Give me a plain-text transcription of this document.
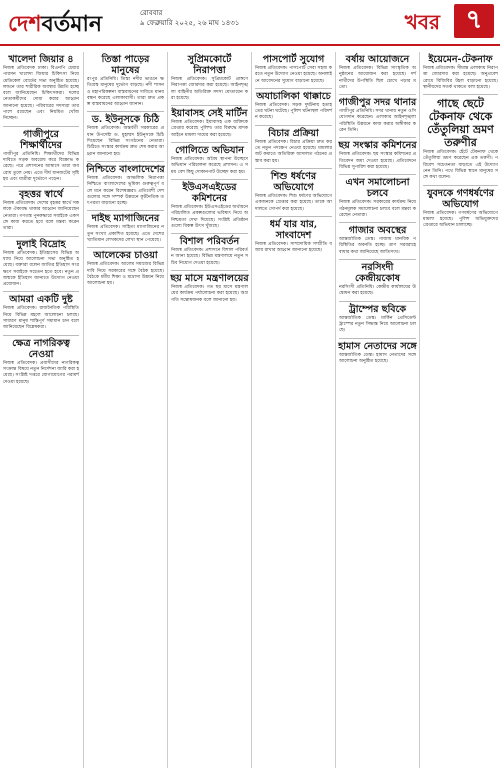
দেশ বর্তমান	রোববার
৯ ফেব্রুয়ারি ২০২৫, ২৬ মাঘ ১৪৩১	খবর ৭
খালেদা জিয়ার ৪
নিজস্ব প্রতিবেদক ঢাকা। বিএনপি চেয়ারপারসন খালেদা জিয়ার চিকিৎসা নিয়ে মেডিকেল বোর্ডের সভা অনুষ্ঠিত হয়েছে। লন্ডনে তার শারীরিক অবস্থার উন্নতি হচ্ছে বলে জানিয়েছেন চিকিৎসকরা। দলের নেতাকর্মীদের দোয়া করার আহ্বান জানানো হয়েছে। পরিবারের সদস্যরা তার পাশে রয়েছেন এবং নিয়মিত খোঁজ নিচ্ছেন।
গাজীপুরে শিক্ষার্থীদের
গাজীপুর প্রতিনিধি। শিক্ষার্থীদের বিভিন্ন দাবিতে সড়ক অবরোধ করে বিক্ষোভ করেছে। পরে প্রশাসনের আশ্বাসে তারা অবরোধ তুলে নেয়। এতে দীর্ঘ যানজটের সৃষ্টি হয় এবং যাত্রীরা দুর্ভোগে পড়েন।
বৃহত্তর স্বার্থে
নিজস্ব প্রতিবেদক। দেশের বৃহত্তর স্বার্থে সকলকে ঐক্যবদ্ধ থাকার আহ্বান জানিয়েছেন নেতারা। গণতন্ত্র পুনরুদ্ধারে সবাইকে একসঙ্গে কাজ করতে হবে বলে মন্তব্য করেন তারা।
দুলাই বিদ্রোহ
নিজস্ব প্রতিবেদক। ইতিহাসের বিভিন্ন অধ্যায় নিয়ে আলোচনা সভা অনুষ্ঠিত হয়েছে। বক্তারা বলেন জাতির ইতিহাস সংরক্ষণে সবাইকে সচেতন হতে হবে। নতুন প্রজন্মকে ইতিহাস জানাতে উদ্যোগ নেওয়া প্রয়োজন।
আমরা একটি দুষ্ট
নিজস্ব প্রতিবেদক। রাজনৈতিক পরিস্থিতি নিয়ে বিভিন্ন মহলে আলোচনা চলছে। সাধারণ মানুষ শান্তিপূর্ণ সমাধান চান বলে জানিয়েছেন বিশ্লেষকরা।
ক্ষেত্র নাগরিকত্ব নেওয়া
নিজস্ব প্রতিবেদক। প্রবাসীদের নাগরিকত্ব সংক্রান্ত বিষয়ে নতুন নির্দেশনা জারি করা হয়েছে। সংশ্লিষ্ট দপ্তরে যোগাযোগের পরামর্শ দেওয়া হয়েছে।
তিস্তা পাড়ের মানুষের
রংপুর প্রতিনিধি। তিস্তা নদীর ভাঙনে ক্ষতিগ্রস্ত মানুষের দুর্ভোগ বাড়ছে। নদী শাসন ও মহাপরিকল্পনা বাস্তবায়নের দাবিতে মানববন্ধন করেছে এলাকাবাসী। তারা দ্রুত প্রকল্প বাস্তবায়নের আহ্বান জানান।
ড. ইউনূসকে চিঠি
নিজস্ব প্রতিবেদক। অন্তর্বর্তী সরকারের প্রধান উপদেষ্টা ড. মুহাম্মদ ইউনূসকে চিঠি দিয়েছেন বিভিন্ন সংগঠনের নেতারা। চিঠিতে সংস্কার কার্যক্রম দ্রুত শেষ করার আহ্বান জানানো হয়।
নিশ্চিতে বাংলাদেশের
নিজস্ব প্রতিবেদক। আঞ্চলিক নিরাপত্তা নিশ্চিতে বাংলাদেশের ভূমিকা গুরুত্বপূর্ণ বলে মনে করেন বিশেষজ্ঞরা। প্রতিবেশী দেশগুলোর সঙ্গে সম্পর্ক উন্নয়নে কূটনৈতিক তৎপরতা বাড়ানো হচ্ছে।
দাইছ ম্যাগাজিনের
নিজস্ব প্রতিবেদক। সাহিত্য ম্যাগাজিনের নতুন সংখ্যা প্রকাশিত হয়েছে। এতে দেশের খ্যাতিমান লেখকদের লেখা স্থান পেয়েছে।
আলেকের চাওয়া
নিজস্ব প্রতিবেদক। আলেম সমাজের বিভিন্ন দাবি নিয়ে সরকারের সঙ্গে বৈঠক হয়েছে। বৈঠকে ধর্মীয় শিক্ষা ও মাদ্রাসা উন্নয়ন নিয়ে আলোচনা হয়।
সুপ্রিমকোর্টে নিরাপত্তা
নিজস্ব প্রতিবেদক। সুপ্রিমকোর্ট প্রাঙ্গণে নিরাপত্তা জোরদার করা হয়েছে। আইনশৃঙ্খলা বাহিনীর অতিরিক্ত সদস্য মোতায়েন করা হয়েছে।
ইয়াবাসহ সেই মার্টিন
নিজস্ব প্রতিবেদক। ইয়াবাসহ এক ব্যক্তিকে গ্রেপ্তার করেছে পুলিশ। তার বিরুদ্ধে মাদক আইনে মামলা দায়ের করা হয়েছে।
গোলিতে অভিযান
নিজস্ব প্রতিবেদক। অবৈধ স্থাপনা উচ্ছেদে অভিযান পরিচালনা করেছে প্রশাসন। এ সময় বেশ কিছু দোকানপাট উচ্ছেদ করা হয়।
ইউএসএইডের কমিশনের
নিজস্ব প্রতিবেদক। ইউএসএইডের অর্থায়নে পরিচালিত প্রকল্পগুলোর ভবিষ্যৎ নিয়ে অনিশ্চয়তা দেখা দিয়েছে। সংশ্লিষ্ট প্রতিষ্ঠানগুলো বিকল্প উৎস খুঁজছে।
বিশাল পরিবর্তন
নিজস্ব প্রতিবেদক। প্রশাসনে বিশাল পরিবর্তন আনা হয়েছে। বিভিন্ন মন্ত্রণালয়ে নতুন সচিব নিয়োগ দেওয়া হয়েছে।
ছয় মাসে মন্ত্রণালয়ের
নিজস্ব প্রতিবেদক। গত ছয় মাসে মন্ত্রণালয়ের কার্যক্রম পর্যালোচনা করা হয়েছে। অগ্রগতি সন্তোষজনক বলে জানানো হয়।
পাসপোর্ট সুযোগ
নিজস্ব প্রতিবেদক। পাসপোর্ট সেবা সহজ করতে নতুন উদ্যোগ নেওয়া হয়েছে। অনলাইনে আবেদনের সুযোগ বাড়ানো হয়েছে।
অযাচালিকা থাক্কাচে
নিজস্ব প্রতিবেদক। সড়ক দুর্ঘটনায় হতাহতের ঘটনা ঘটেছে। পুলিশ ঘটনাস্থল পরিদর্শন করেছে।
বিচার প্রক্রিয়া
নিজস্ব প্রতিবেদক। বিচার প্রক্রিয়া দ্রুত করতে নতুন পদক্ষেপ নেওয়া হয়েছে। মামলার জট কমাতে অতিরিক্ত আদালত গঠনের প্রস্তাব করা হয়।
শিশু ধর্ষণের অভিযোগে
নিজস্ব প্রতিবেদক। শিশু ধর্ষণের অভিযোগে একজনকে গ্রেপ্তার করা হয়েছে। তাকে আদালতে সোপর্দ করা হয়েছে।
ধর্ম যার যার, সাংবাদেশ
নিজস্ব প্রতিবেদক। সাম্প্রদায়িক সম্প্রীতি বজায় রাখার আহ্বান জানানো হয়েছে।
বর্ষায় আয়োজনে
নিজস্ব প্রতিবেদক। বিভিন্ন সাংস্কৃতিক অনুষ্ঠানের আয়োজন করা হয়েছে। দর্শনার্থীদের উপস্থিতি ছিল চোখে পড়ার মতো।
গাজীপুর সদর থানার
গাজীপুর প্রতিনিধি। সদর থানায় নতুন ওসি যোগদান করেছেন। এলাকার আইনশৃঙ্খলা পরিস্থিতি উন্নয়নে কাজ করার অঙ্গীকার করেন তিনি।
ছয় সংস্কার কমিশনের
নিজস্ব প্রতিবেদক। ছয় সংস্কার কমিশনের প্রতিবেদন জমা দেওয়া হয়েছে। প্রতিবেদনে বিভিন্ন সুপারিশ করা হয়েছে।
এখন সমালোচনা চলবে
নিজস্ব প্রতিবেদক। সরকারের কার্যক্রম নিয়ে গঠনমূলক সমালোচনা চলবে বলে মন্তব্য করেছেন নেতারা।
গাজার অবস্থের
আন্তর্জাতিক ডেস্ক। গাজায় মানবিক পরিস্থিতির অবনতি হচ্ছে। ত্রাণ সরবরাহে বাধার কথা জানিয়েছে জাতিসংঘ।
নরসিংদী কেন্দ্রীয়কোষ
নরসিংদী প্রতিনিধি। কেন্দ্রীয় কার্যালয়ের উদ্বোধন করা হয়েছে।
ট্রাম্পের ছবিকে
আন্তর্জাতিক ডেস্ক। মার্কিন প্রেসিডেন্ট ট্রাম্পের নতুন সিদ্ধান্ত নিয়ে আলোচনা চলছে।
হামাস নেতাদের সঙ্গে
আন্তর্জাতিক ডেস্ক। হামাস নেতাদের সঙ্গে আলোচনা অনুষ্ঠিত হয়েছে।
ইয়েমেন-টেকনাফ
নিজস্ব প্রতিবেদক। সীমান্ত এলাকায় নিরাপত্তা জোরদার করা হয়েছে। অনুপ্রবেশ রোধে বিজিবির টহল বাড়ানো হয়েছে। স্থানীয়দের সতর্ক থাকতে বলা হয়েছে।
গাছে ছেটে টেকনাফ থেকে তেঁতুলিয়া ভ্রমণ তরুণীর
নিজস্ব প্রতিবেদক। হেঁটে টেকনাফ থেকে তেঁতুলিয়া ভ্রমণ করেছেন এক তরুণী। পরিবেশ সচেতনতা বাড়াতে এই উদ্যোগ নেন তিনি। পথে বিভিন্ন স্থানে মানুষের সঙ্গে কথা বলেন।
যুবদকে গণধর্ষণের অভিযোগ
নিজস্ব প্রতিবেদক। গণধর্ষণের অভিযোগে মামলা হয়েছে। পুলিশ অভিযুক্তদের গ্রেপ্তারে অভিযান চালাচ্ছে।
